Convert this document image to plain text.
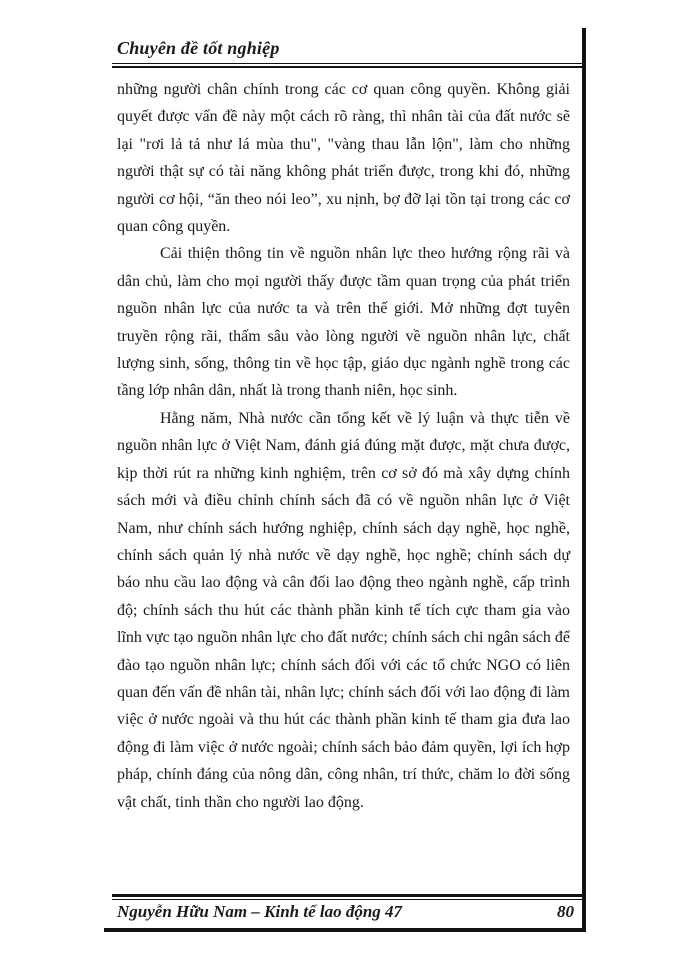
Chuyên đề tốt nghiệp

những người chân chính trong các cơ quan công quyền. Không giải quyết được vấn đề này một cách rõ ràng, thì nhân tài của đất nước sẽ lại "rơi lả tả như lá mùa thu", "vàng thau lẫn lộn", làm cho những người thật sự có tài năng không phát triển được, trong khi đó, những người cơ hội, “ăn theo nói leo”, xu nịnh, bợ đỡ lại tồn tại trong các cơ quan công quyền.

Cải thiện thông tin về nguồn nhân lực theo hướng rộng rãi và dân chủ, làm cho mọi người thấy được tầm quan trọng của phát triển nguồn nhân lực của nước ta và trên thế giới. Mở những đợt tuyên truyền rộng rãi, thấm sâu vào lòng người về nguồn nhân lực, chất lượng sinh, sống, thông tin về học tập, giáo dục ngành nghề trong các tầng lớp nhân dân, nhất là trong thanh niên, học sinh.

Hằng năm, Nhà nước cần tổng kết về lý luận và thực tiễn về nguồn nhân lực ở Việt Nam, đánh giá đúng mặt được, mặt chưa được, kịp thời rút ra những kinh nghiệm, trên cơ sở đó mà xây dựng chính sách mới và điều chỉnh chính sách đã có về nguồn nhân lực ở Việt Nam, như chính sách hướng nghiệp, chính sách dạy nghề, học nghề, chính sách quản lý nhà nước về dạy nghề, học nghề; chính sách dự báo nhu cầu lao động và cân đối lao động theo ngành nghề, cấp trình độ; chính sách thu hút các thành phần kinh tế tích cực tham gia vào lĩnh vực tạo nguồn nhân lực cho đất nước; chính sách chi ngân sách để đào tạo nguồn nhân lực; chính sách đối với các tổ chức NGO có liên quan đến vấn đề nhân tài, nhân lực; chính sách đối với lao động đi làm việc ở nước ngoài và thu hút các thành phần kinh tế tham gia đưa lao động đi làm việc ở nước ngoài; chính sách bảo đảm quyền, lợi ích hợp pháp, chính đáng của nông dân, công nhân, trí thức, chăm lo đời sống vật chất, tinh thần cho người lao động.

Nguyễn Hữu Nam – Kinh tế lao động 47	80
